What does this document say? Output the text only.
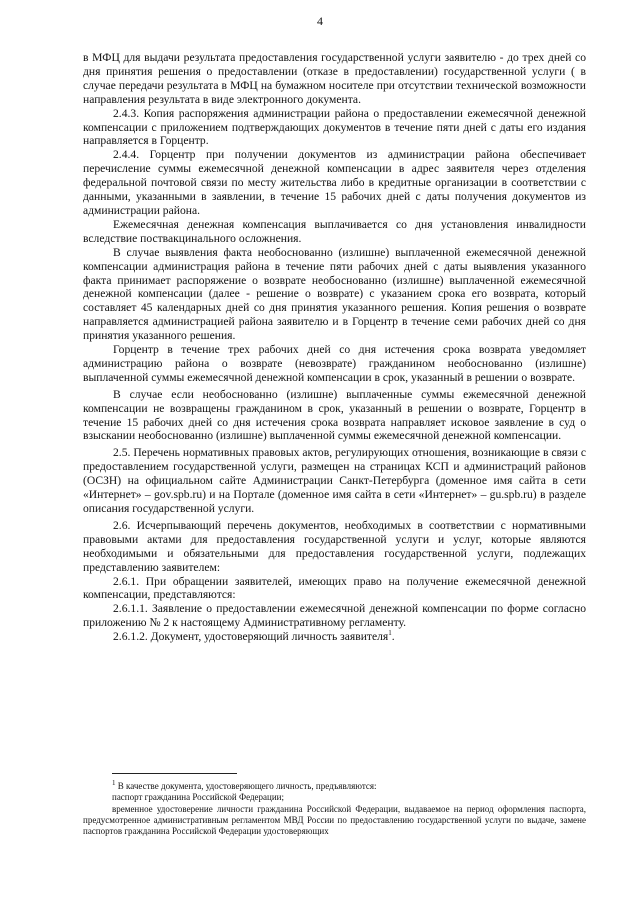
4

в МФЦ для выдачи результата предоставления государственной услуги заявителю - до трех дней со дня принятия решения о предоставлении (отказе в предоставлении) государственной услуги ( в случае передачи результата в МФЦ на бумажном носителе при отсутствии технической возможности направления результата в виде электронного документа.

2.4.3. Копия распоряжения администрации района о предоставлении ежемесячной денежной компенсации с приложением подтверждающих документов в течение пяти дней с даты его издания направляется в Горцентр.

2.4.4. Горцентр при получении документов из администрации района обеспечивает перечисление суммы ежемесячной денежной компенсации в адрес заявителя через отделения федеральной почтовой связи по месту жительства либо в кредитные организации в соответствии с данными, указанными в заявлении, в течение 15 рабочих дней с даты получения документов из администрации района.

Ежемесячная денежная компенсация выплачивается со дня установления инвалидности вследствие поствакцинального осложнения.

В случае выявления факта необоснованно (излишне) выплаченной ежемесячной денежной компенсации администрация района в течение пяти рабочих дней с даты выявления указанного факта принимает распоряжение о возврате необоснованно (излишне) выплаченной ежемесячной денежной компенсации (далее - решение о возврате) с указанием срока его возврата, который составляет 45 календарных дней со дня принятия указанного решения. Копия решения о возврате направляется администрацией района заявителю и в Горцентр в течение семи рабочих дней со дня принятия указанного решения.

Горцентр в течение трех рабочих дней со дня истечения срока возврата уведомляет администрацию района о возврате (невозврате) гражданином необоснованно (излишне) выплаченной суммы ежемесячной денежной компенсации в срок, указанный в решении о возврате.

В случае если необоснованно (излишне) выплаченные суммы ежемесячной денежной компенсации не возвращены гражданином в срок, указанный в решении о возврате, Горцентр в течение 15 рабочих дней со дня истечения срока возврата направляет исковое заявление в суд о взыскании необоснованно (излишне) выплаченной суммы ежемесячной денежной компенсации.

2.5. Перечень нормативных правовых актов, регулирующих отношения, возникающие в связи с предоставлением государственной услуги, размещен на страницах КСП и администраций районов (ОСЗН) на официальном сайте Администрации Санкт-Петербурга (доменное имя сайта в сети «Интернет» – gov.spb.ru) и на Портале (доменное имя сайта в сети «Интернет» – gu.spb.ru) в разделе описания государственной услуги.

2.6. Исчерпывающий перечень документов, необходимых в соответствии с нормативными правовыми актами для предоставления государственной услуги и услуг, которые являются необходимыми и обязательными для предоставления государственной услуги, подлежащих представлению заявителем:

2.6.1. При обращении заявителей, имеющих право на получение ежемесячной денежной компенсации, представляются:

2.6.1.1. Заявление о предоставлении ежемесячной денежной компенсации по форме согласно приложению № 2 к настоящему Административному регламенту.

2.6.1.2. Документ, удостоверяющий личность заявителя$^1$.

$^1$ В качестве документа, удостоверяющего личность, предъявляются:

паспорт гражданина Российской Федерации;

временное удостоверение личности гражданина Российской Федерации, выдаваемое на период оформления паспорта, предусмотренное административным регламентом МВД России по предоставлению государственной услуги по выдаче, замене паспортов гражданина Российской Федерации удостоверяющих
